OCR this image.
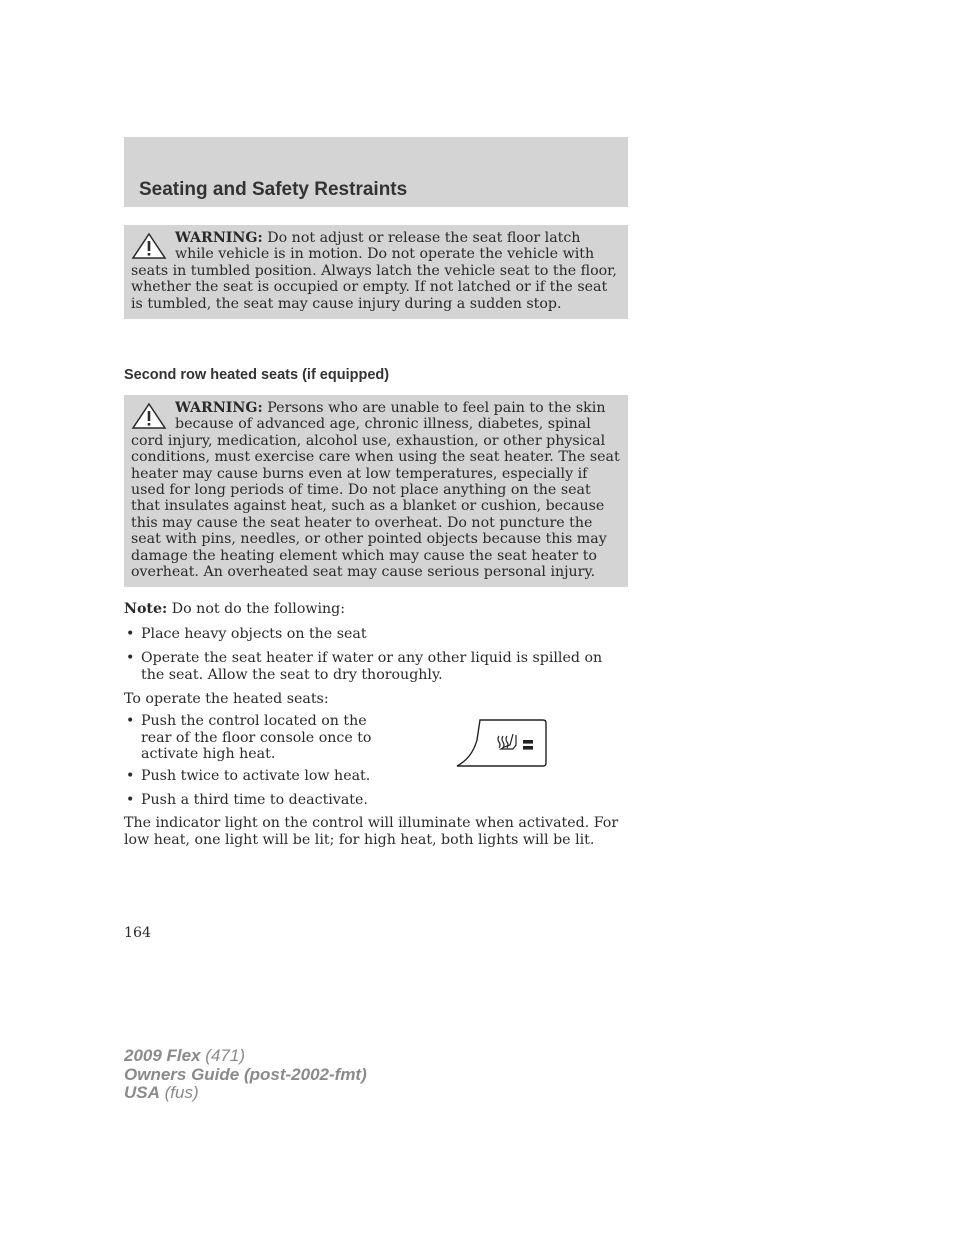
Seating and Safety Restraints
WARNING: Do not adjust or release the seat floor latch while vehicle is in motion. Do not operate the vehicle with seats in tumbled position. Always latch the vehicle seat to the floor, whether the seat is occupied or empty. If not latched or if the seat is tumbled, the seat may cause injury during a sudden stop.
Second row heated seats (if equipped)
WARNING: Persons who are unable to feel pain to the skin because of advanced age, chronic illness, diabetes, spinal cord injury, medication, alcohol use, exhaustion, or other physical conditions, must exercise care when using the seat heater. The seat heater may cause burns even at low temperatures, especially if used for long periods of time. Do not place anything on the seat that insulates against heat, such as a blanket or cushion, because this may cause the seat heater to overheat. Do not puncture the seat with pins, needles, or other pointed objects because this may damage the heating element which may cause the seat heater to overheat. An overheated seat may cause serious personal injury.

Note: Do not do the following:

• Place heavy objects on the seat
• Operate the seat heater if water or any other liquid is spilled on the seat. Allow the seat to dry thoroughly.

To operate the heated seats:

• Push the control located on the rear of the floor console once to activate high heat.
• Push twice to activate low heat.
• Push a third time to deactivate.

The indicator light on the control will illuminate when activated. For low heat, one light will be lit; for high heat, both lights will be lit.

164
2009 Flex (471)
Owners Guide (post-2002-fmt)
USA (fus)
